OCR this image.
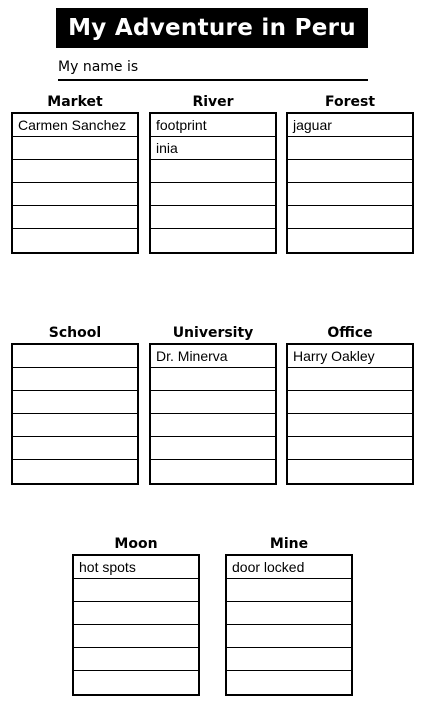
My Adventure in Peru
My name is
Market
Carmen Sanchez
River
footprint
inia
Forest
jaguar
School	University
Dr. Minerva
Office
Harry Oakley
Moon
hot spots
Mine
door locked
